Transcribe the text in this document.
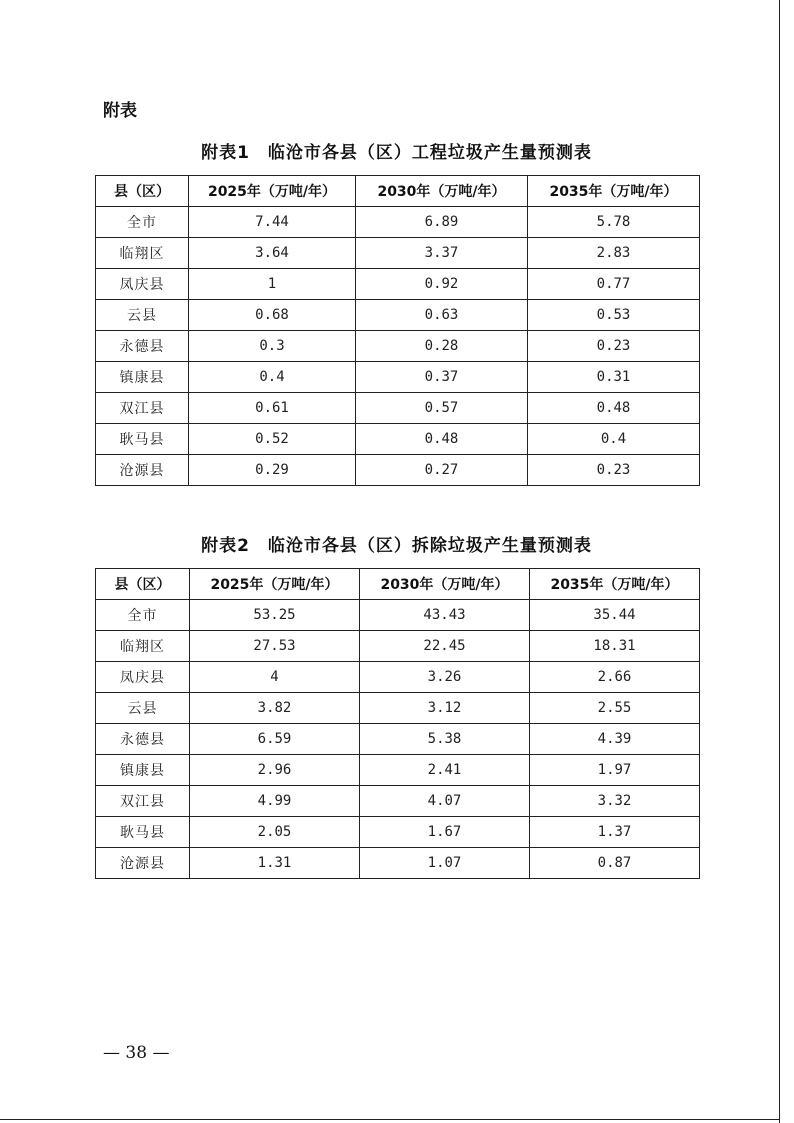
附表
附表1　临沧市各县（区）工程垃圾产生量预测表
县（区）	2025年（万吨/年）	2030年（万吨/年）	2035年（万吨/年）
全市	7.44	6.89	5.78
临翔区	3.64	3.37	2.83
凤庆县	1	0.92	0.77
云县	0.68	0.63	0.53
永德县	0.3	0.28	0.23
镇康县	0.4	0.37	0.31
双江县	0.61	0.57	0.48
耿马县	0.52	0.48	0.4
沧源县	0.29	0.27	0.23
附表2　临沧市各县（区）拆除垃圾产生量预测表
县（区）	2025年（万吨/年）	2030年（万吨/年）	2035年（万吨/年）
全市	53.25	43.43	35.44
临翔区	27.53	22.45	18.31
凤庆县	4	3.26	2.66
云县	3.82	3.12	2.55
永德县	6.59	5.38	4.39
镇康县	2.96	2.41	1.97
双江县	4.99	4.07	3.32
耿马县	2.05	1.67	1.37
沧源县	1.31	1.07	0.87
— 38 —
